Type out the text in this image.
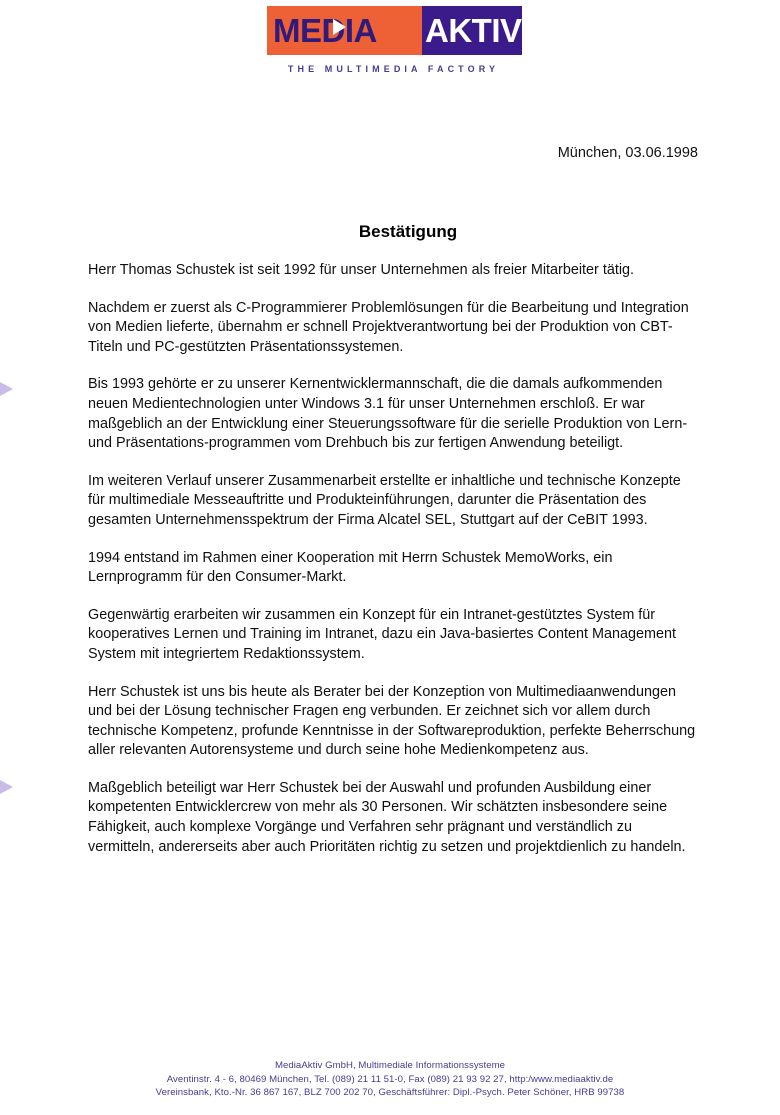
MEDIA AKTIV
THE MULTIMEDIA FACTORY
München, 03.06.1998
Bestätigung

Herr Thomas Schustek ist seit 1992 für unser Unternehmen als freier Mitarbeiter tätig.

Nachdem er zuerst als C-Programmierer Problemlösungen für die Bearbeitung und Integration von Medien lieferte, übernahm er schnell Projektverantwortung bei der Produktion von CBT-Titeln und PC-gestützten Präsentationssystemen.

Bis 1993 gehörte er zu unserer Kernentwicklermannschaft, die die damals aufkommenden neuen Medientechnologien unter Windows 3.1 für unser Unternehmen erschloß. Er war maßgeblich an der Entwicklung einer Steuerungssoftware für die serielle Produktion von Lern- und Präsentations-programmen vom Drehbuch bis zur fertigen Anwendung beteiligt.

Im weiteren Verlauf unserer Zusammenarbeit erstellte er inhaltliche und technische Konzepte für multimediale Messeauftritte und Produkteinführungen, darunter die Präsentation des gesamten Unternehmensspektrum der Firma Alcatel SEL, Stuttgart auf der CeBIT 1993.

1994 entstand im Rahmen einer Kooperation mit Herrn Schustek MemoWorks, ein Lernprogramm für den Consumer-Markt.

Gegenwärtig erarbeiten wir zusammen ein Konzept für ein Intranet-gestütztes System für kooperatives Lernen und Training im Intranet, dazu ein Java-basiertes Content Management System mit integriertem Redaktionssystem.

Herr Schustek ist uns bis heute als Berater bei der Konzeption von Multimediaanwendungen und bei der Lösung technischer Fragen eng verbunden. Er zeichnet sich vor allem durch technische Kompetenz, profunde Kenntnisse in der Softwareproduktion, perfekte Beherrschung aller relevanten Autorensysteme und durch seine hohe Medienkompetenz aus.

Maßgeblich beteiligt war Herr Schustek bei der Auswahl und profunden Ausbildung einer kompetenten Entwicklercrew von mehr als 30 Personen. Wir schätzten insbesondere seine Fähigkeit, auch komplexe Vorgänge und Verfahren sehr prägnant und verständlich zu vermitteln, andererseits aber auch Prioritäten richtig zu setzen und projektdienlich zu handeln.

MediaAktiv GmbH, Multimediale Informationssysteme
Aventinstr. 4 - 6, 80469 München, Tel. (089) 21 11 51-0, Fax (089) 21 93 92 27, http:/www.mediaaktiv.de
Vereinsbank, Kto.-Nr. 36 867 167, BLZ 700 202 70, Geschäftsführer: Dipl.-Psych. Peter Schöner, HRB 99738
